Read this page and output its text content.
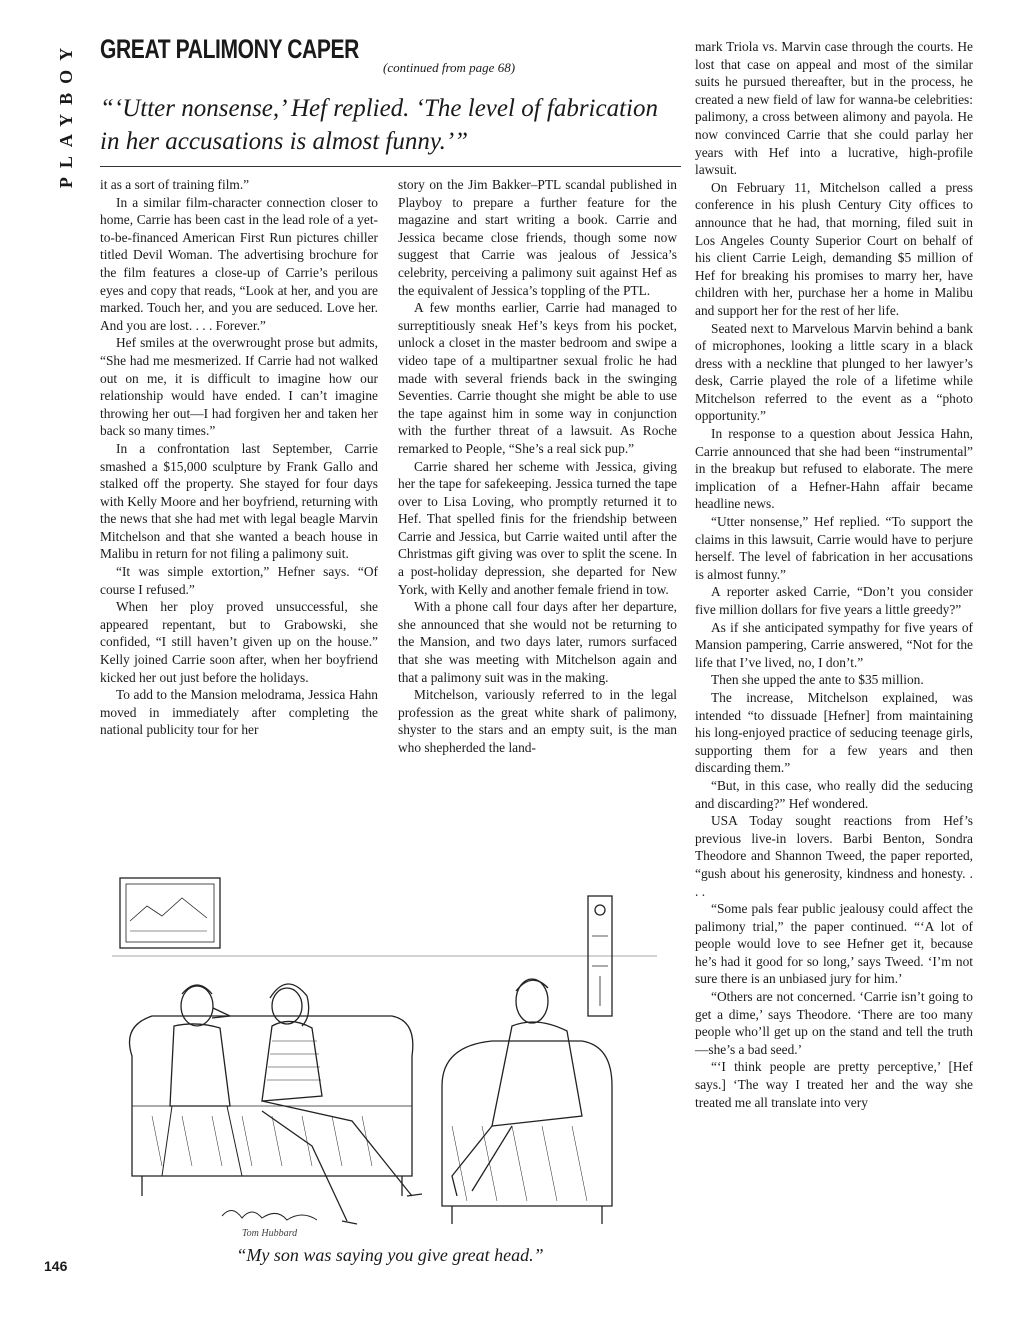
PLAYBOY GREAT PALIMONY CAPER
(continued from page 68)
“‘Utter nonsense,’ Hef replied. ‘The level of fabrication in her accusations is almost funny.’”

it as a sort of training film.”

In a similar film-character connection closer to home, Carrie has been cast in the lead role of a yet-to-be-financed American First Run pictures chiller titled Devil Woman. The advertising brochure for the film features a close-up of Carrie’s perilous eyes and copy that reads, “Look at her, and you are marked. Touch her, and you are seduced. Love her. And you are lost. . . . Forever.”

Hef smiles at the overwrought prose but admits, “She had me mesmerized. If Carrie had not walked out on me, it is difficult to imagine how our relationship would have ended. I can’t imagine throwing her out—I had forgiven her and taken her back so many times.”

In a confrontation last September, Carrie smashed a $15,000 sculpture by Frank Gallo and stalked off the property. She stayed for four days with Kelly Moore and her boyfriend, returning with the news that she had met with legal beagle Marvin Mitchelson and that she wanted a beach house in Malibu in return for not filing a palimony suit.

“It was simple extortion,” Hefner says. “Of course I refused.”

When her ploy proved unsuccessful, she appeared repentant, but to Grabowski, she confided, “I still haven’t given up on the house.” Kelly joined Carrie soon after, when her boyfriend kicked her out just before the holidays.

To add to the Mansion melodrama, Jessica Hahn moved in immediately after completing the national publicity tour for her

story on the Jim Bakker–PTL scandal published in Playboy to prepare a further feature for the magazine and start writing a book. Carrie and Jessica became close friends, though some now suggest that Carrie was jealous of Jessica’s celebrity, perceiving a palimony suit against Hef as the equivalent of Jessica’s toppling of the PTL.

A few months earlier, Carrie had managed to surreptitiously sneak Hef’s keys from his pocket, unlock a closet in the master bedroom and swipe a video tape of a multipartner sexual frolic he had made with several friends back in the swinging Seventies. Carrie thought she might be able to use the tape against him in some way in conjunction with the further threat of a lawsuit. As Roche remarked to People, “She’s a real sick pup.”

Carrie shared her scheme with Jessica, giving her the tape for safekeeping. Jessica turned the tape over to Lisa Loving, who promptly returned it to Hef. That spelled finis for the friendship between Carrie and Jessica, but Carrie waited until after the Christmas gift giving was over to split the scene. In a post-holiday depression, she departed for New York, with Kelly and another female friend in tow.

With a phone call four days after her departure, she announced that she would not be returning to the Mansion, and two days later, rumors surfaced that she was meeting with Mitchelson again and that a palimony suit was in the making.

Mitchelson, variously referred to in the legal profession as the great white shark of palimony, shyster to the stars and an empty suit, is the man who shepherded the land-

mark Triola vs. Marvin case through the courts. He lost that case on appeal and most of the similar suits he pursued thereafter, but in the process, he created a new field of law for wanna-be celebrities: palimony, a cross between alimony and payola. He now convinced Carrie that she could parlay her years with Hef into a lucrative, high-profile lawsuit.

On February 11, Mitchelson called a press conference in his plush Century City offices to announce that he had, that morning, filed suit in Los Angeles County Superior Court on behalf of his client Carrie Leigh, demanding $5 million of Hef for breaking his promises to marry her, have children with her, purchase her a home in Malibu and support her for the rest of her life.

Seated next to Marvelous Marvin behind a bank of microphones, looking a little scary in a black dress with a neckline that plunged to her lawyer’s desk, Carrie played the role of a lifetime while Mitchelson referred to the event as a “photo opportunity.”

In response to a question about Jessica Hahn, Carrie announced that she had been “instrumental” in the breakup but refused to elaborate. The mere implication of a Hefner-Hahn affair became headline news.

“Utter nonsense,” Hef replied. “To support the claims in this lawsuit, Carrie would have to perjure herself. The level of fabrication in her accusations is almost funny.”

A reporter asked Carrie, “Don’t you consider five million dollars for five years a little greedy?”

As if she anticipated sympathy for five years of Mansion pampering, Carrie answered, “Not for the life that I’ve lived, no, I don’t.”

Then she upped the ante to $35 million.

The increase, Mitchelson explained, was intended “to dissuade [Hefner] from maintaining his long-enjoyed practice of seducing teenage girls, supporting them for a few years and then discarding them.”

“But, in this case, who really did the seducing and discarding?” Hef wondered.

USA Today sought reactions from Hef’s previous live-in lovers. Barbi Benton, Sondra Theodore and Shannon Tweed, the paper reported, “gush about his generosity, kindness and honesty. . . .

“Some pals fear public jealousy could affect the palimony trial,” the paper continued. “‘A lot of people would love to see Hefner get it, because he’s had it good for so long,’ says Tweed. ‘I’m not sure there is an unbiased jury for him.’

“Others are not concerned. ‘Carrie isn’t going to get a dime,’ says Theodore. ‘There are too many people who’ll get up on the stand and tell the truth—she’s a bad seed.’

“‘I think people are pretty perceptive,’ [Hef says.] ‘The way I treated her and the way she treated me all translate into very

Tom Hubbard
“My son was saying you give great head.”
146
